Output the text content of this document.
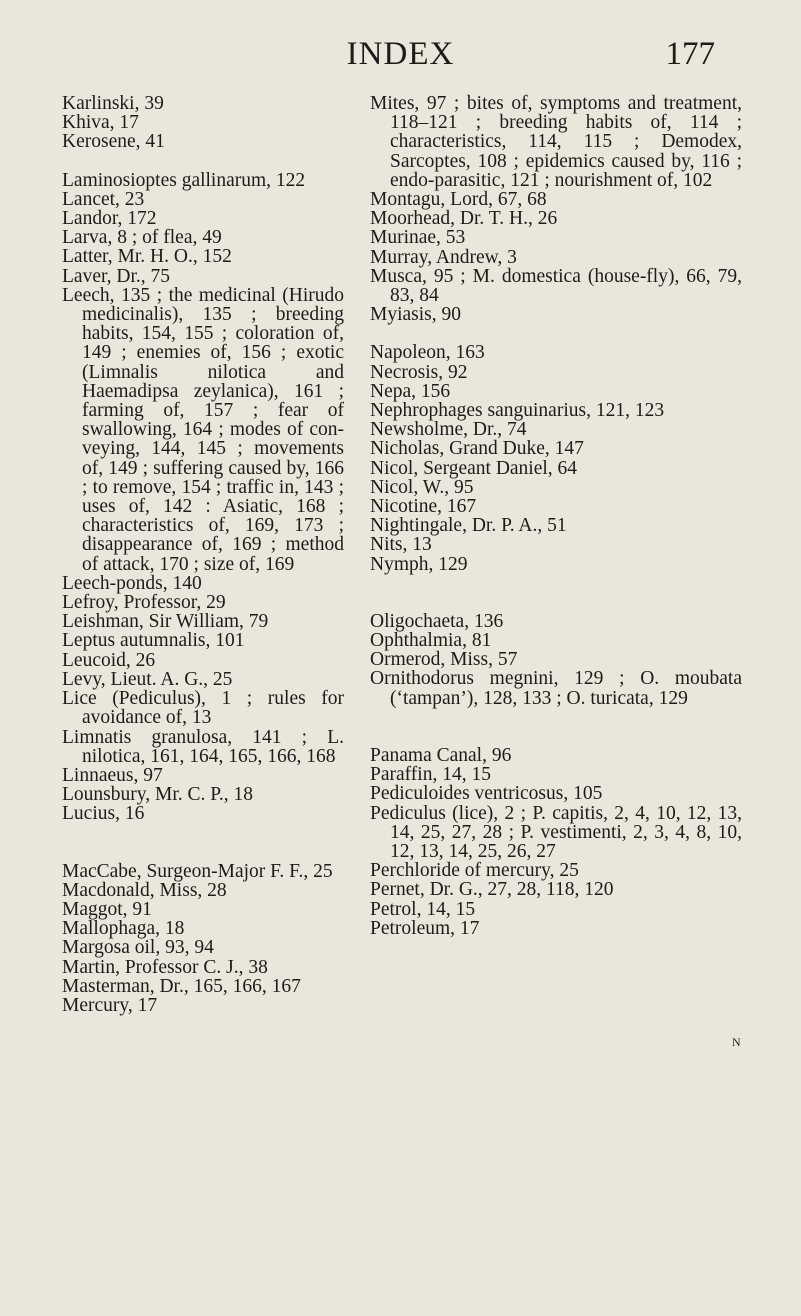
INDEX	177
Karlinski, 39
Khiva, 17
Kerosene, 41
Laminosioptes gallinarum, 122
Lancet, 23
Landor, 172
Larva, 8 ; of flea, 49
Latter, Mr. H. O., 152
Laver, Dr., 75
Leech, 135 ; the medicinal (Hirudo medicinalis), 135 ; breeding habits, 154, 155 ; coloration of, 149 ; enemies of, 156 ; exotic (Limnalis nilotica and Haemadipsa zeylanica), 161 ; farming of, 157 ; fear of swallowing, 164 ; modes of conveying, 144, 145 ; movements of, 149 ; suffering caused by, 166 ; to remove, 154 ; traffic in, 143 ; uses of, 142 : Asiatic, 168 ; characteristics of, 169, 173 ; disappearance of, 169 ; method of attack, 170 ; size of, 169
Leech-ponds, 140
Lefroy, Professor, 29
Leishman, Sir William, 79
Leptus autumnalis, 101
Leucoid, 26
Levy, Lieut. A. G., 25
Lice (Pediculus), 1 ; rules for avoidance of, 13
Limnatis granulosa, 141 ; L. nilotica, 161, 164, 165, 166, 168
Linnaeus, 97
Lounsbury, Mr. C. P., 18
Lucius, 16
MacCabe, Surgeon-Major F. F., 25
Macdonald, Miss, 28
Maggot, 91
Mallophaga, 18
Margosa oil, 93, 94
Martin, Professor C. J., 38
Masterman, Dr., 165, 166, 167
Mercury, 17
Mites, 97 ; bites of, symptoms and treatment, 118–121 ; breeding habits of, 114 ; characteristics, 114, 115 ; Demodex, Sarcoptes, 108 ; epidemics caused by, 116 ; endo-parasitic, 121 ; nourishment of, 102
Montagu, Lord, 67, 68
Moorhead, Dr. T. H., 26
Murinae, 53
Murray, Andrew, 3
Musca, 95 ; M. domestica (house-fly), 66, 79, 83, 84
Myiasis, 90
Napoleon, 163
Necrosis, 92
Nepa, 156
Nephrophages sanguinarius, 121, 123
Newsholme, Dr., 74
Nicholas, Grand Duke, 147
Nicol, Sergeant Daniel, 64
Nicol, W., 95
Nicotine, 167
Nightingale, Dr. P. A., 51
Nits, 13
Nymph, 129
Oligochaeta, 136
Ophthalmia, 81
Ormerod, Miss, 57
Ornithodorus megnini, 129 ; O. moubata (‘tampan’), 128, 133 ; O. turicata, 129
Panama Canal, 96
Paraffin, 14, 15
Pediculoides ventricosus, 105
Pediculus (lice), 2 ; P. capitis, 2, 4, 10, 12, 13, 14, 25, 27, 28 ; P. vestimenti, 2, 3, 4, 8, 10, 12, 13, 14, 25, 26, 27
Perchloride of mercury, 25
Pernet, Dr. G., 27, 28, 118, 120
Petrol, 14, 15
Petroleum, 17
N
